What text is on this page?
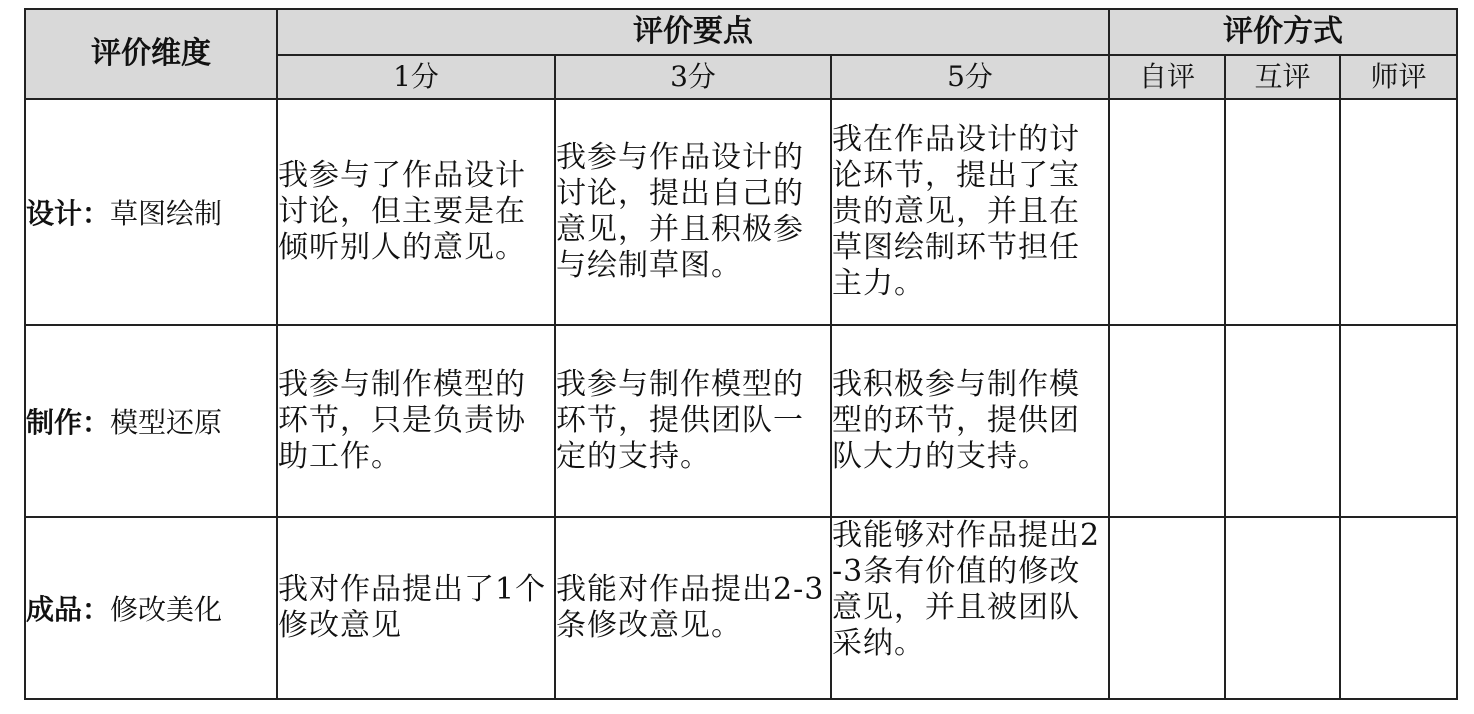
评价维度	评价要点			评价方式		
	1分	3分	5分	自评	互评	师评
设计：草图绘制	我参与了作品设计讨论，但主要是在倾听别人的意见。	我参与作品设计的讨论，提出自己的意见，并且积极参与绘制草图。	我在作品设计的讨论环节，提出了宝贵的意见，并且在草图绘制环节担任主力。			
制作：模型还原	我参与制作模型的环节，只是负责协助工作。	我参与制作模型的环节，提供团队一定的支持。	我积极参与制作模型的环节，提供团队大力的支持。			
成品：修改美化	我对作品提出了1个修改意见	我能对作品提出2-3条修改意见。	我能够对作品提出2-3条有价值的修改意见，并且被团队采纳。			
